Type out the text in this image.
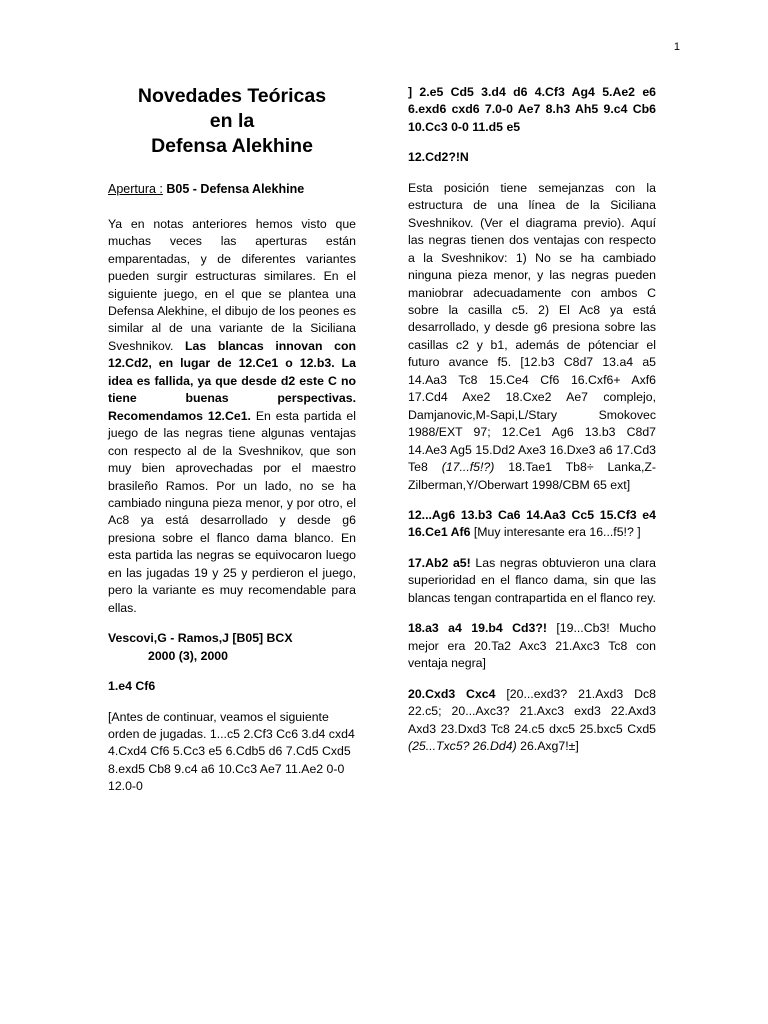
1
Novedades Teóricas
en la
Defensa Alekhine

Apertura : B05 - Defensa Alekhine

Ya en notas anteriores hemos visto que muchas veces las aperturas están emparentadas, y de diferentes variantes pueden surgir estructuras similares. En el siguiente juego, en el que se plantea una Defensa Alekhine, el dibujo de los peones es similar al de una variante de la Siciliana Sveshnikov. Las blancas innovan con 12.Cd2, en lugar de 12.Ce1 o 12.b3. La idea es fallida, ya que desde d2 este C no tiene buenas perspectivas. Recomendamos 12.Ce1. En esta partida el juego de las negras tiene algunas ventajas con respecto al de la Sveshnikov, que son muy bien aprovechadas por el maestro brasileño Ramos. Por un lado, no se ha cambiado ninguna pieza menor, y por otro, el Ac8 ya está desarrollado y desde g6 presiona sobre el flanco dama blanco. En esta partida las negras se equivocaron luego en las jugadas 19 y 25 y perdieron el juego, pero la variante es muy recomendable para ellas.

Vescovi,G - Ramos,J [B05] BCX
2000 (3), 2000

1.e4 Cf6

[Antes de continuar, veamos el siguiente orden de jugadas. 1...c5 2.Cf3 Cc6 3.d4 cxd4 4.Cxd4 Cf6 5.Cc3 e5 6.Cdb5 d6 7.Cd5 Cxd5 8.exd5 Cb8 9.c4 a6 10.Cc3 Ae7 11.Ae2 0-0 12.0-0

] 2.e5 Cd5 3.d4 d6 4.Cf3 Ag4 5.Ae2 e6 6.exd6 cxd6 7.0-0 Ae7 8.h3 Ah5 9.c4 Cb6 10.Cc3 0-0 11.d5 e5

12.Cd2?!N

Esta posición tiene semejanzas con la estructura de una línea de la Siciliana Sveshnikov. (Ver el diagrama previo). Aquí las negras tienen dos ventajas con respecto a la Sveshnikov: 1) No se ha cambiado ninguna pieza menor, y las negras pueden maniobrar adecuadamente con ambos C sobre la casilla c5. 2) El Ac8 ya está desarrollado, y desde g6 presiona sobre las casillas c2 y b1, además de pótenciar el futuro avance f5. [12.b3 C8d7 13.a4 a5 14.Aa3 Tc8 15.Ce4 Cf6 16.Cxf6+ Axf6 17.Cd4 Axe2 18.Cxe2 Ae7 complejo, Damjanovic,M-Sapi,L/Stary Smokovec 1988/EXT 97; 12.Ce1 Ag6 13.b3 C8d7 14.Ae3 Ag5 15.Dd2 Axe3 16.Dxe3 a6 17.Cd3 Te8 (17...f5!?) 18.Tae1 Tb8÷ Lanka,Z-Zilberman,Y/Oberwart 1998/CBM 65 ext]

12...Ag6 13.b3 Ca6 14.Aa3 Cc5 15.Cf3 e4 16.Ce1 Af6 [Muy interesante era 16...f5!? ]

17.Ab2 a5! Las negras obtuvieron una clara superioridad en el flanco dama, sin que las blancas tengan contrapartida en el flanco rey.

18.a3 a4 19.b4 Cd3?! [19...Cb3! Mucho mejor era 20.Ta2 Axc3 21.Axc3 Tc8 con ventaja negra]

20.Cxd3 Cxc4 [20...exd3? 21.Axd3 Dc8 22.c5; 20...Axc3? 21.Axc3 exd3 22.Axd3 Axd3 23.Dxd3 Tc8 24.c5 dxc5 25.bxc5 Cxd5 (25...Txc5? 26.Dd4) 26.Axg7!±]
